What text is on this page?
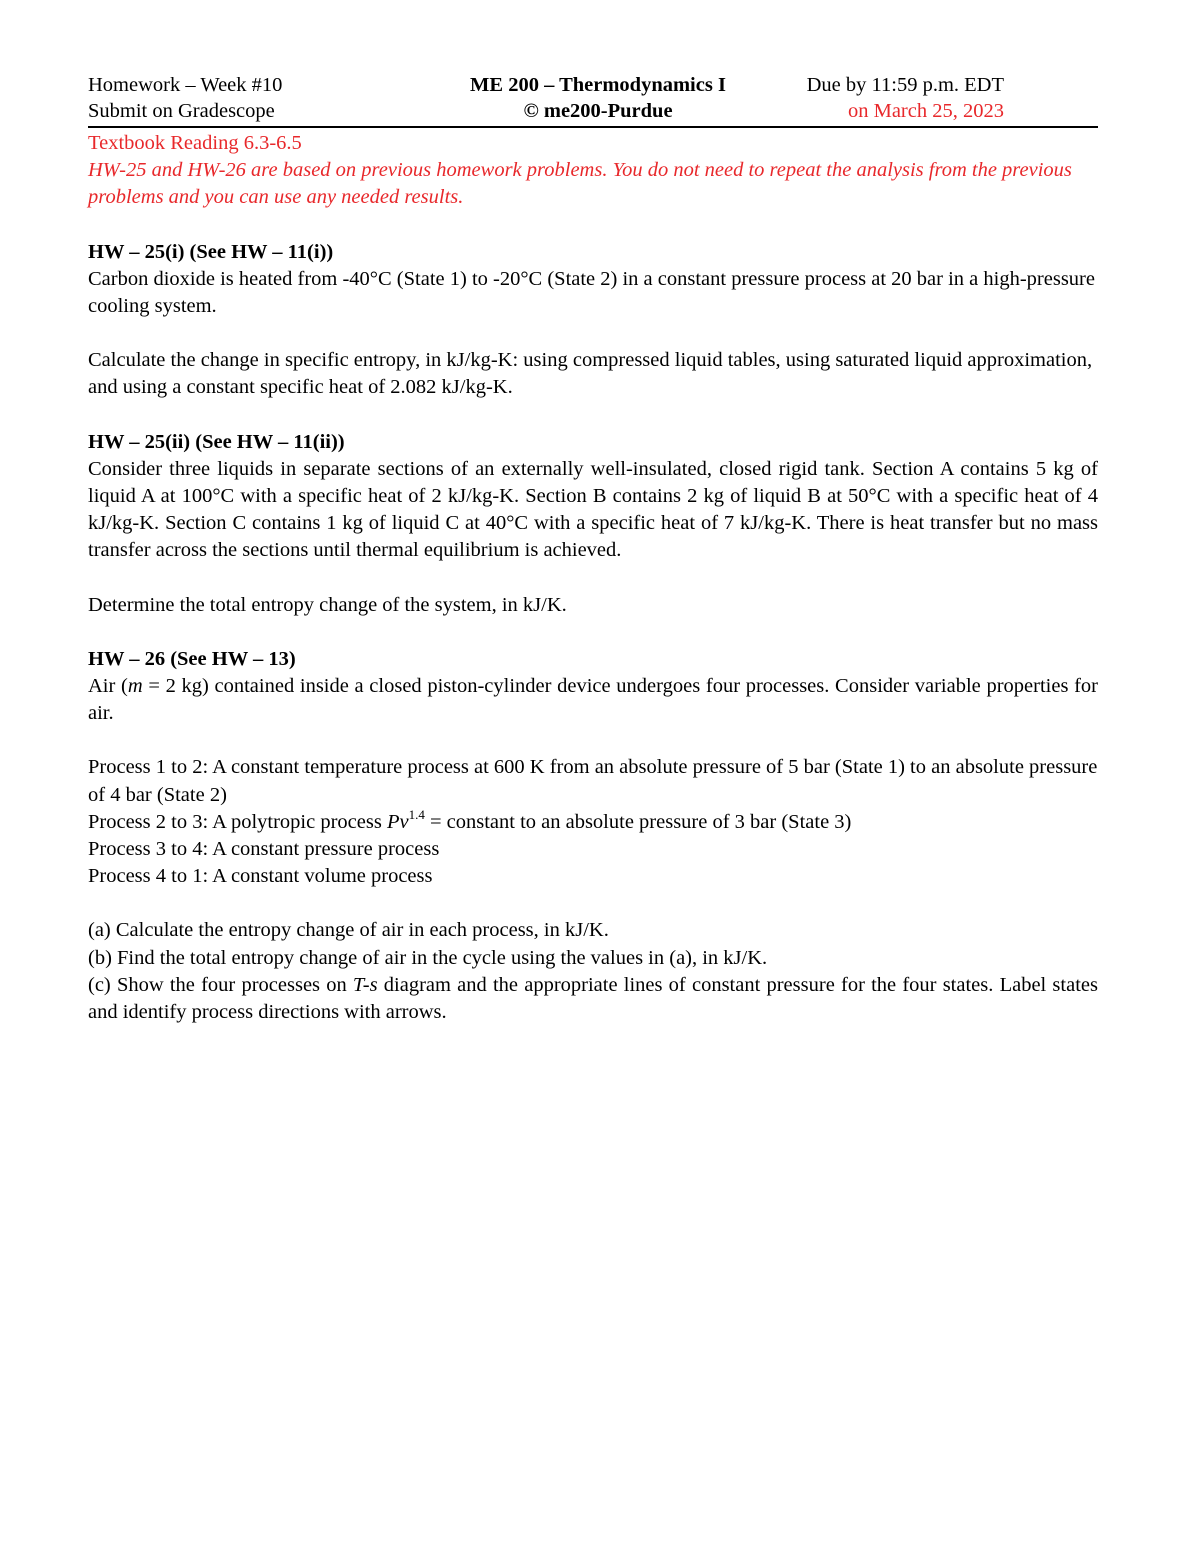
Homework – Week #10
Submit on Gradescope
ME 200 – Thermodynamics I
© me200-Purdue
Due by 11:59 p.m. EDT
on March 25, 2023

Textbook Reading 6.3-6.5

HW-25 and HW-26 are based on previous homework problems. You do not need to repeat the analysis from the previous problems and you can use any needed results.

HW – 25(i) (See HW – 11(i))

Carbon dioxide is heated from -40°C (State 1) to -20°C (State 2) in a constant pressure process at 20 bar in a high-pressure cooling system.

Calculate the change in specific entropy, in kJ/kg-K: using compressed liquid tables, using saturated liquid approximation, and using a constant specific heat of 2.082 kJ/kg-K.

HW – 25(ii) (See HW – 11(ii))

Consider three liquids in separate sections of an externally well-insulated, closed rigid tank. Section A contains 5 kg of liquid A at 100°C with a specific heat of 2 kJ/kg-K. Section B contains 2 kg of liquid B at 50°C with a specific heat of 4 kJ/kg-K. Section C contains 1 kg of liquid C at 40°C with a specific heat of 7 kJ/kg-K. There is heat transfer but no mass transfer across the sections until thermal equilibrium is achieved.

Determine the total entropy change of the system, in kJ/K.

HW – 26 (See HW – 13)

Air (m = 2 kg) contained inside a closed piston-cylinder device undergoes four processes. Consider variable properties for air.

Process 1 to 2: A constant temperature process at 600 K from an absolute pressure of 5 bar (State 1) to an absolute pressure of 4 bar (State 2)

Process 2 to 3: A polytropic process $Pv^{1.4}$ = constant to an absolute pressure of 3 bar (State 3)

Process 3 to 4: A constant pressure process

Process 4 to 1: A constant volume process

(a) Calculate the entropy change of air in each process, in kJ/K.

(b) Find the total entropy change of air in the cycle using the values in (a), in kJ/K.

(c) Show the four processes on T-s diagram and the appropriate lines of constant pressure for the four states. Label states and identify process directions with arrows.
